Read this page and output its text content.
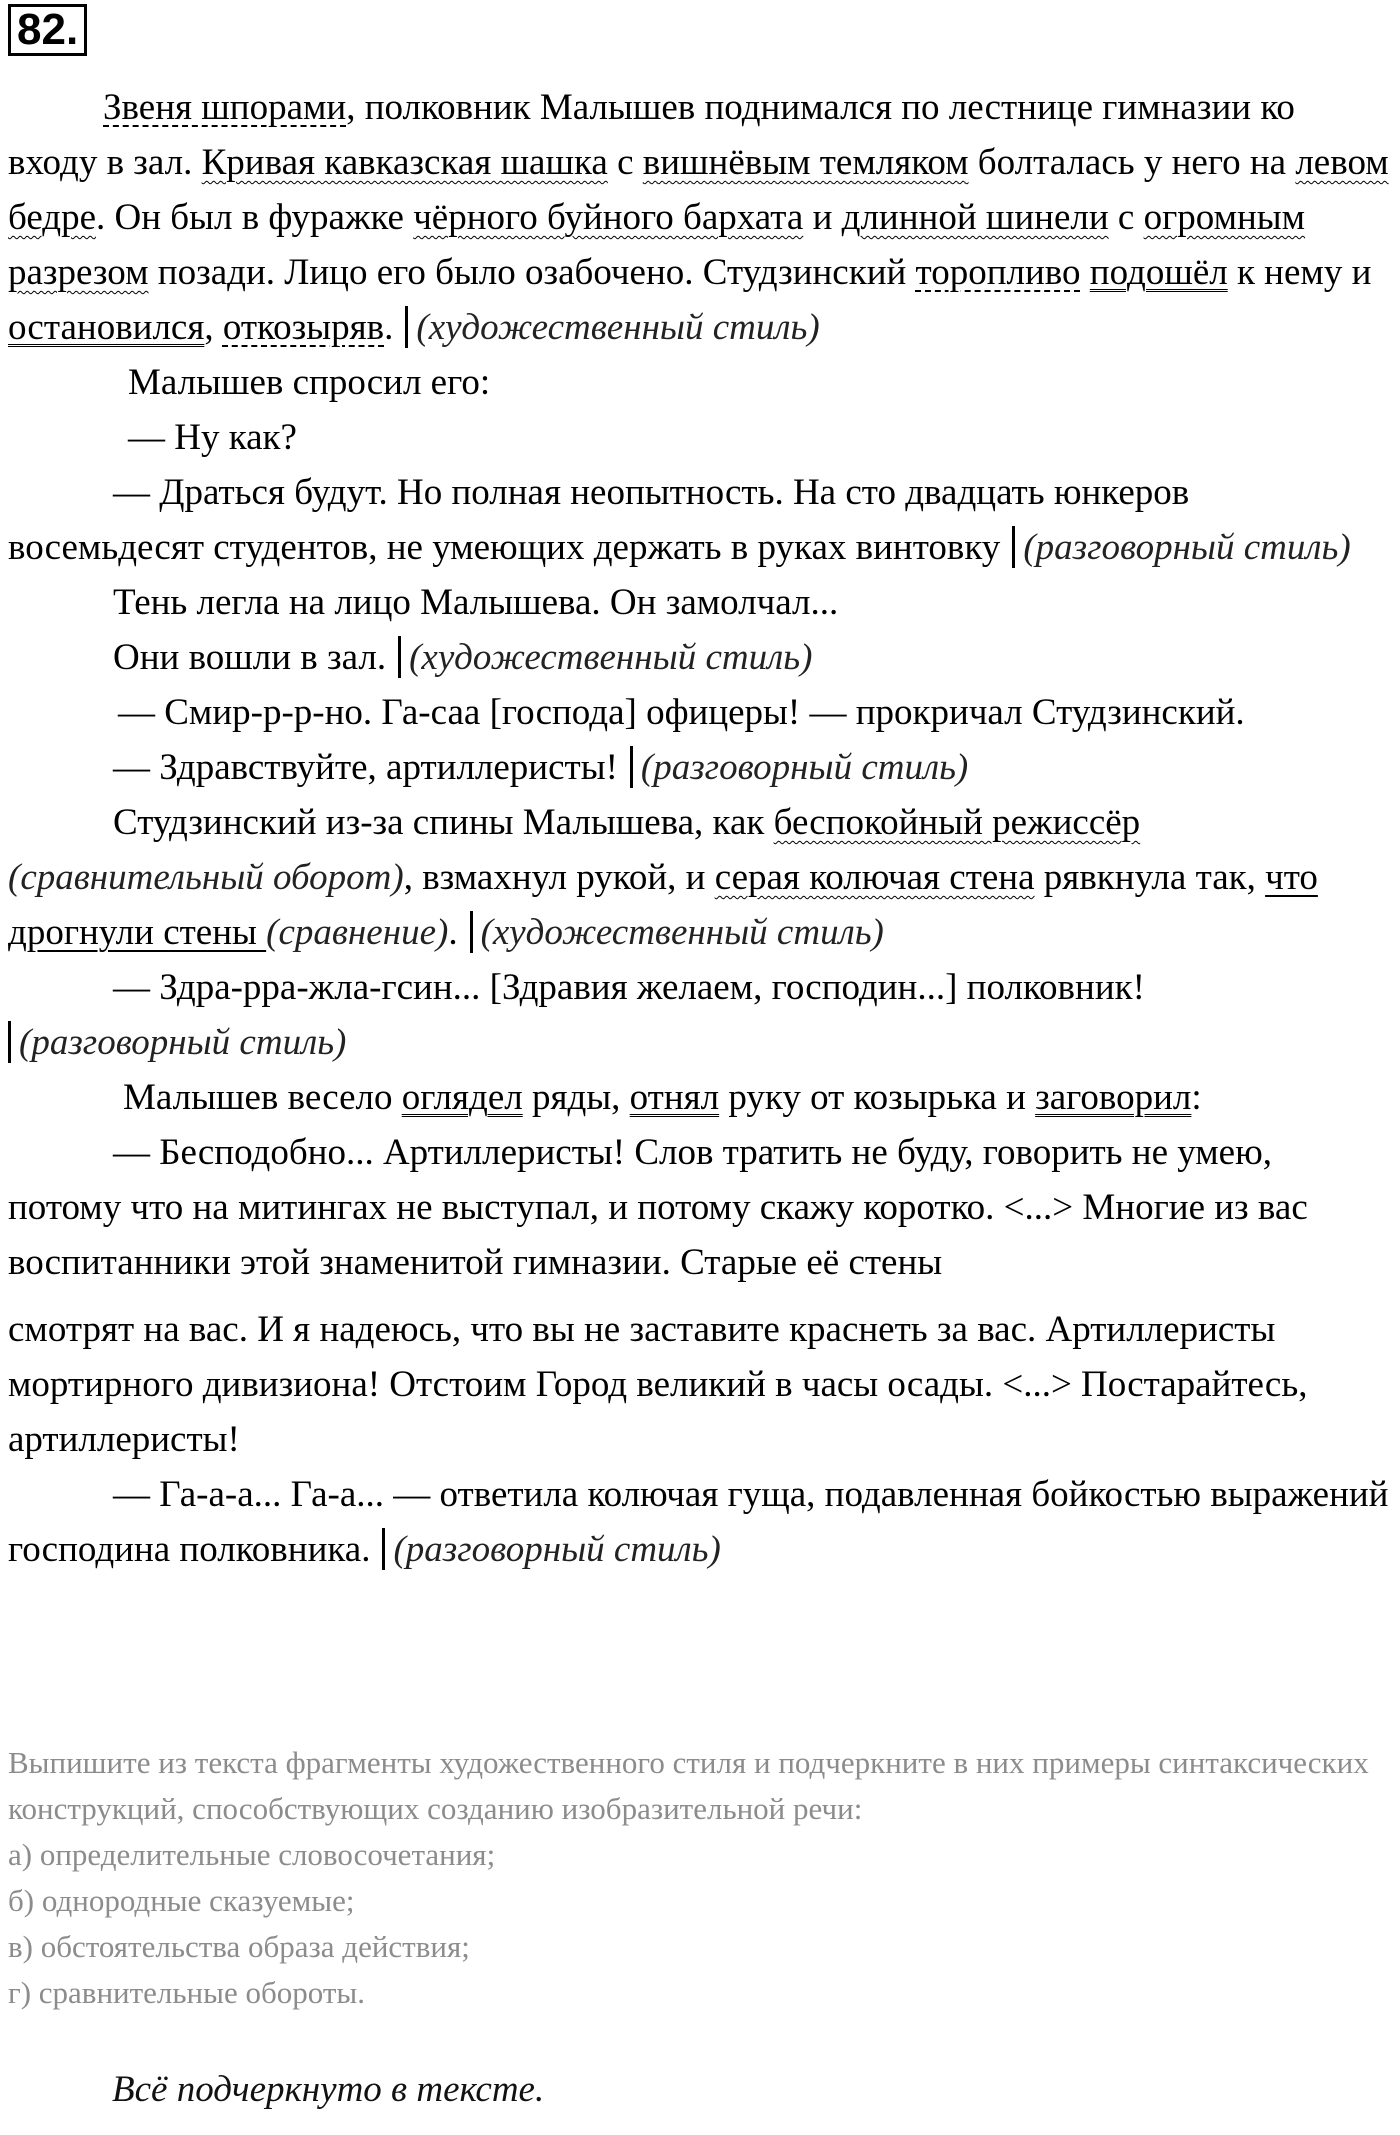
82.

Звеня шпорами, полковник Малышев поднимался по лестнице гимназии ко входу в зал. Кривая кавказская шашка с вишнёвым темляком болталась у него на левом бедре. Он был в фуражке чёрного буйного бархата и длинной шинели с огромным разрезом позади. Лицо его было озабочено. Студзинский торопливо подошёл к нему и остановился, откозыряв. (художественный стиль)

Малышев спросил его:

— Ну как?

— Драться будут. Но полная неопытность. На сто двадцать юнкеров восемьдесят студентов, не умеющих держать в руках винтовку (разговорный стиль)

Тень легла на лицо Малышева. Он замолчал...

Они вошли в зал. (художественный стиль)

— Смир-р-р-но. Га-саа [господа] офицеры! — прокричал Студзинский.

— Здравствуйте, артиллеристы! (разговорный стиль)

Студзинский из-за спины Малышева, как беспокойный режиссёр (сравнительный оборот), взмахнул рукой, и серая колючая стена рявкнула так, что дрогнули стены (сравнение). (художественный стиль)

— Здра-рра-жла-гсин... [Здравия желаем, господин...] полковник!
(разговорный стиль)

Малышев весело оглядел ряды, отнял руку от козырька и заговорил:

— Бесподобно... Артиллеристы! Слов тратить не буду, говорить не умею, потому что на митингах не выступал, и потому скажу коротко. <...> Многие из вас воспитанники этой знаменитой гимназии. Старые её стены

смотрят на вас. И я надеюсь, что вы не заставите краснеть за вас. Артиллеристы мортирного дивизиона! Отстоим Город великий в часы осады. <...> Постарайтесь, артиллеристы!

— Га-а-а... Га-а... — ответила колючая гуща, подавленная бойкостью выражений господина полковника. (разговорный стиль)

Выпишите из текста фрагменты художественного стиля и подчеркните в них примеры синтаксических конструкций, способствующих созданию изобразительной речи:

а) определительные словосочетания;

б) однородные сказуемые;

в) обстоятельства образа действия;

г) сравнительные обороты.

Всё подчеркнуто в тексте.
